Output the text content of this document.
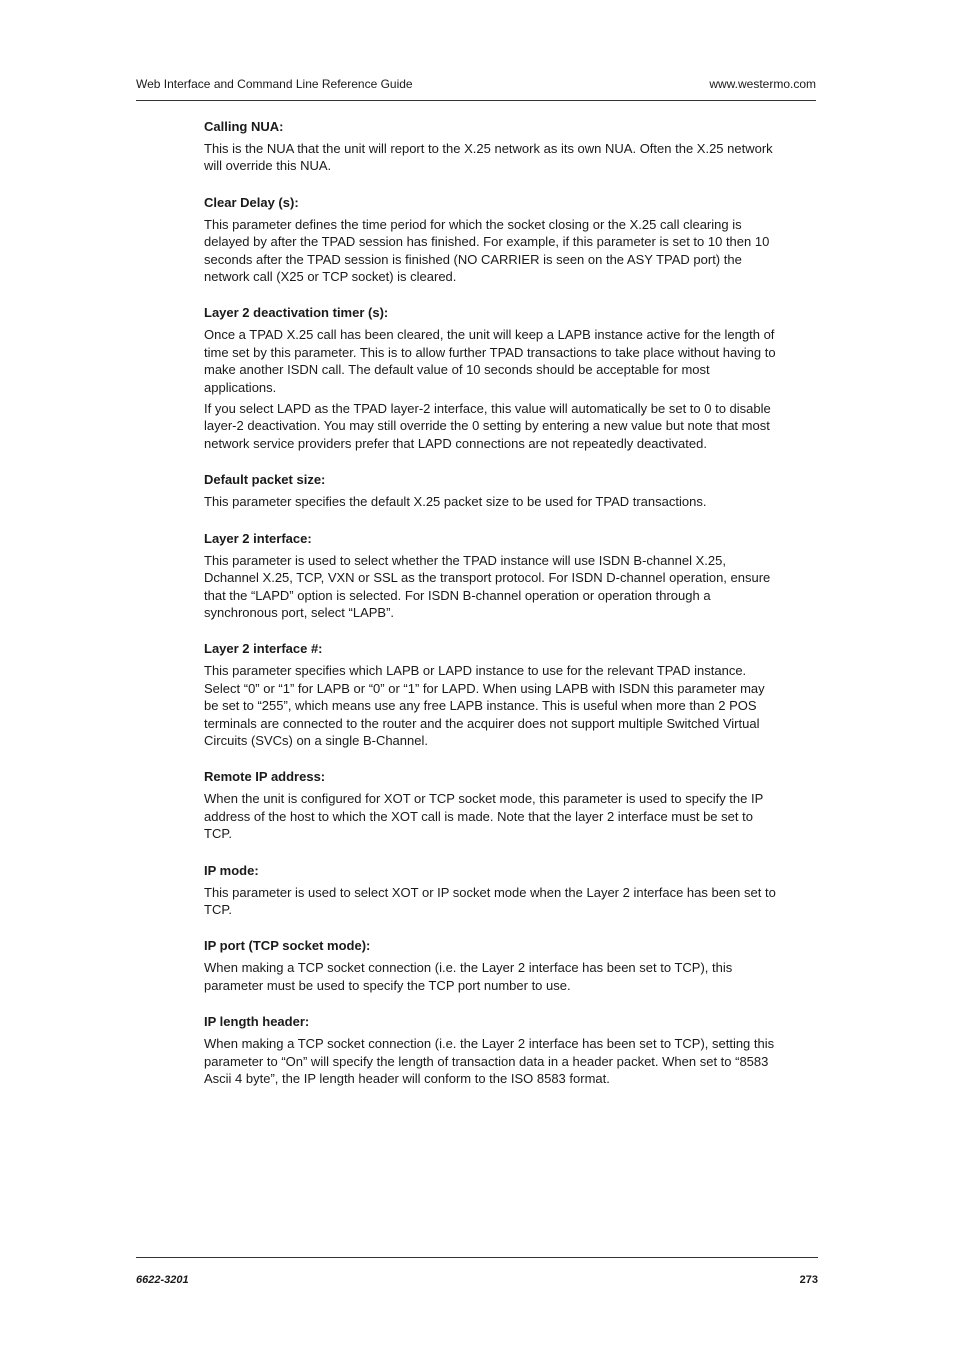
Web Interface and Command Line Reference Guide	www.westermo.com
Calling NUA:

This is the NUA that the unit will report to the X.25 network as its own NUA. Often the X.25 network will override this NUA.

Clear Delay (s):

This parameter defines the time period for which the socket closing or the X.25 call clearing is delayed by after the TPAD session has finished. For example, if this parameter is set to 10 then 10 seconds after the TPAD session is finished (NO CARRIER is seen on the ASY TPAD port) the network call (X25 or TCP socket) is cleared.

Layer 2 deactivation timer (s):

Once a TPAD X.25 call has been cleared, the unit will keep a LAPB instance active for the length of time set by this parameter. This is to allow further TPAD transactions to take place without having to make another ISDN call. The default value of 10 seconds should be acceptable for most applications.

If you select LAPD as the TPAD layer-2 interface, this value will automatically be set to 0 to disable layer-2 deactivation. You may still override the 0 setting by entering a new value but note that most network service providers prefer that LAPD connections are not repeatedly deactivated.

Default packet size:

This parameter specifies the default X.25 packet size to be used for TPAD transactions.

Layer 2 interface:

This parameter is used to select whether the TPAD instance will use ISDN B-channel X.25, Dchannel X.25, TCP, VXN or SSL as the transport protocol. For ISDN D-channel operation, ensure that the “LAPD” option is selected. For ISDN B-channel operation or operation through a synchronous port, select “LAPB”.

Layer 2 interface #:

This parameter specifies which LAPB or LAPD instance to use for the relevant TPAD instance. Select “0” or “1” for LAPB or “0” or “1” for LAPD. When using LAPB with ISDN this parameter may be set to “255”, which means use any free LAPB instance. This is useful when more than 2 POS terminals are connected to the router and the acquirer does not support multiple Switched Virtual Circuits (SVCs) on a single B-Channel.

Remote IP address:

When the unit is configured for XOT or TCP socket mode, this parameter is used to specify the IP address of the host to which the XOT call is made. Note that the layer 2 interface must be set to TCP.

IP mode:

This parameter is used to select XOT or IP socket mode when the Layer 2 interface has been set to TCP.

IP port (TCP socket mode):

When making a TCP socket connection (i.e. the Layer 2 interface has been set to TCP), this parameter must be used to specify the TCP port number to use.

IP length header:

When making a TCP socket connection (i.e. the Layer 2 interface has been set to TCP), setting this parameter to “On” will specify the length of transaction data in a header packet. When set to “8583 Ascii 4 byte”, the IP length header will conform to the ISO 8583 format.

6622-3201	273
